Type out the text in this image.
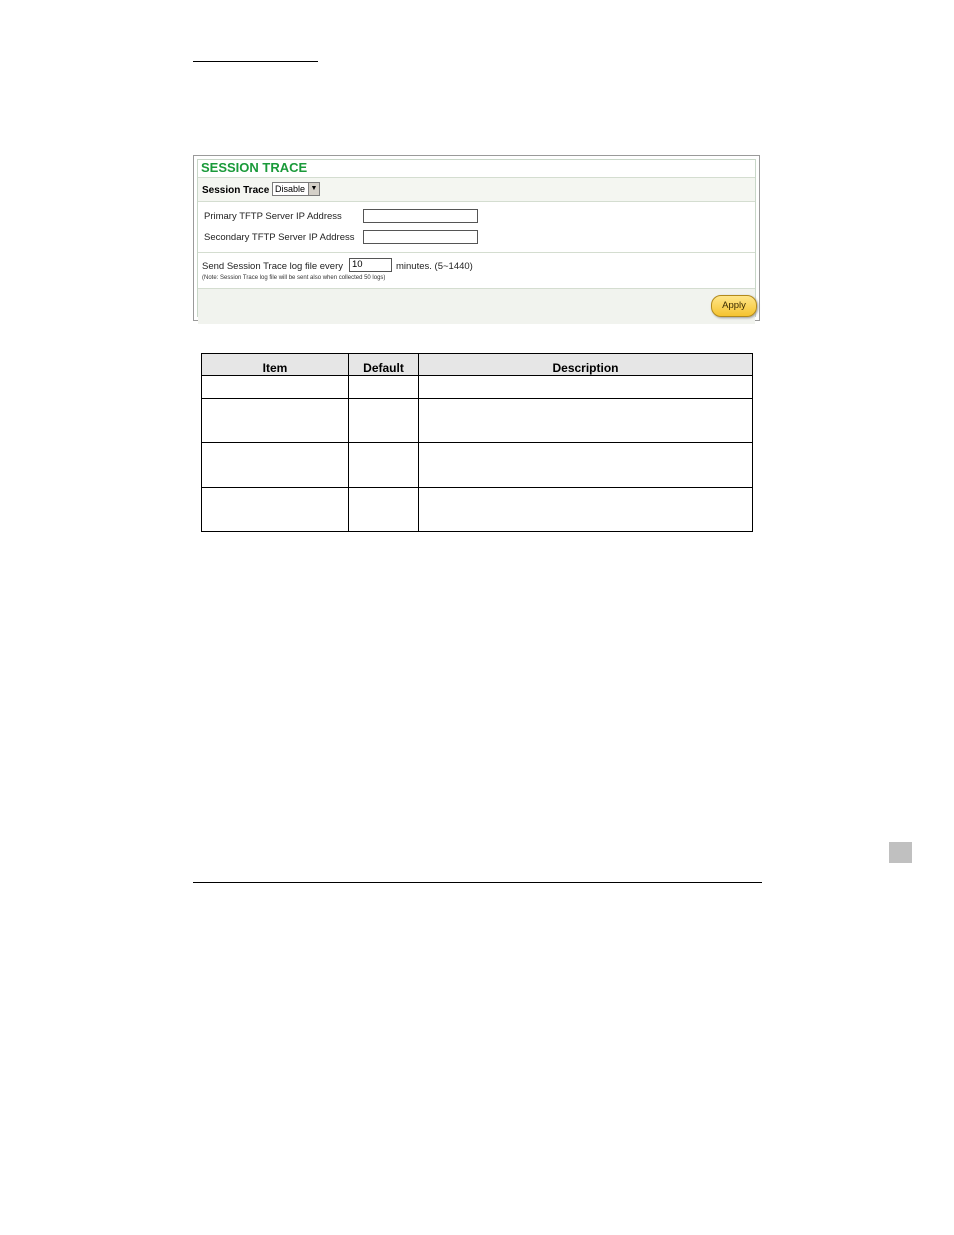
SESSION TRACE
Session Trace Disable ▼
Primary TFTP Server IP Address
Secondary TFTP Server IP Address
Send Session Trace log file every 10	minutes. (5~1440)
(Note: Session Trace log file will be sent also when collected 50 logs)
Apply
Item	Default	Description
